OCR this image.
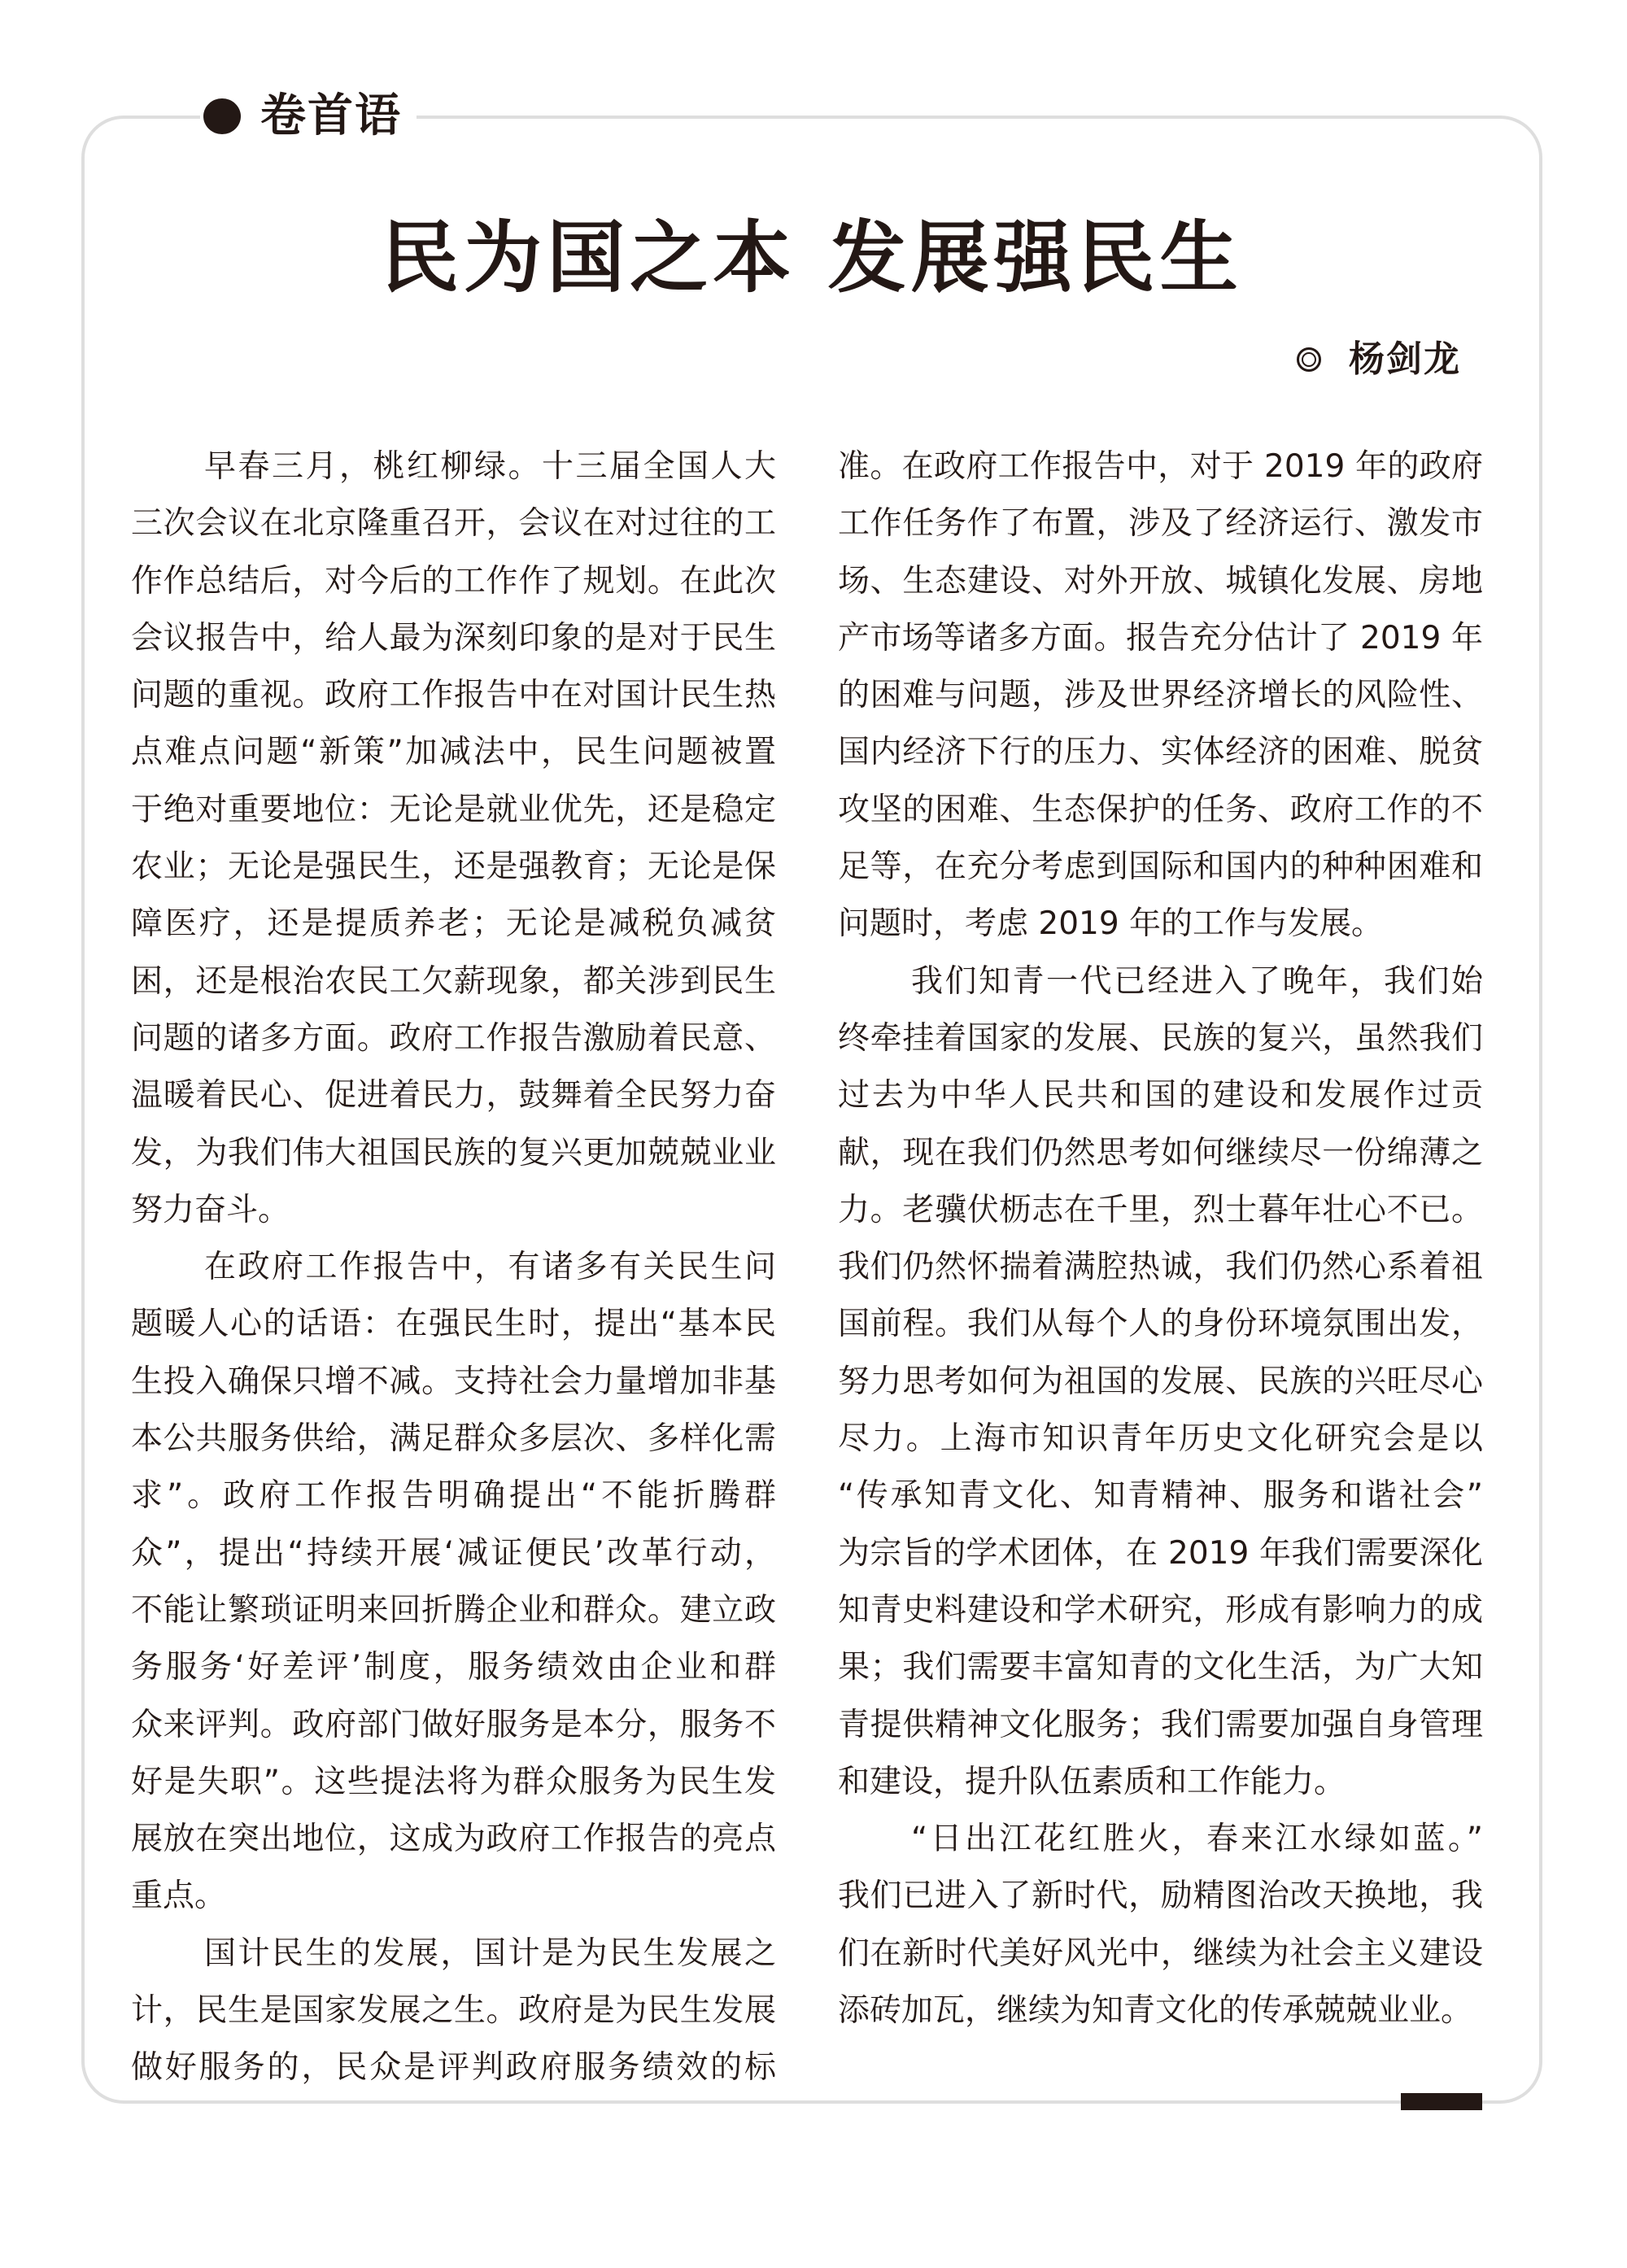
卷首语
民为国之本 发展强民生
杨剑龙
早春三月，桃红柳绿。十三届全国人大
三次会议在北京隆重召开，会议在对过往的工
作作总结后，对今后的工作作了规划。在此次
会议报告中，给人最为深刻印象的是对于民生
问题的重视。政府工作报告中在对国计民生热
点难点问题“新策”加减法中，民生问题被置
于绝对重要地位：无论是就业优先，还是稳定
农业；无论是强民生，还是强教育；无论是保
障医疗，还是提质养老；无论是减税负减贫
困，还是根治农民工欠薪现象，都关涉到民生
问题的诸多方面。政府工作报告激励着民意、
温暖着民心、促进着民力，鼓舞着全民努力奋
发，为我们伟大祖国民族的复兴更加兢兢业业
努力奋斗。
在政府工作报告中，有诸多有关民生问
题暖人心的话语：在强民生时，提出“基本民
生投入确保只增不减。支持社会力量增加非基
本公共服务供给，满足群众多层次、多样化需
求”。政府工作报告明确提出“不能折腾群
众”，提出“持续开展‘减证便民’改革行动，
不能让繁琐证明来回折腾企业和群众。建立政
务服务‘好差评’制度，服务绩效由企业和群
众来评判。政府部门做好服务是本分，服务不
好是失职”。这些提法将为群众服务为民生发
展放在突出地位，这成为政府工作报告的亮点
重点。
国计民生的发展，国计是为民生发展之
计，民生是国家发展之生。政府是为民生发展
做好服务的，民众是评判政府服务绩效的标
准。在政府工作报告中，对于 2019 年的政府
工作任务作了布置，涉及了经济运行、激发市
场、生态建设、对外开放、城镇化发展、房地
产市场等诸多方面。报告充分估计了 2019 年
的困难与问题，涉及世界经济增长的风险性、
国内经济下行的压力、实体经济的困难、脱贫
攻坚的困难、生态保护的任务、政府工作的不
足等，在充分考虑到国际和国内的种种困难和
问题时，考虑 2019 年的工作与发展。
我们知青一代已经进入了晚年，我们始
终牵挂着国家的发展、民族的复兴，虽然我们
过去为中华人民共和国的建设和发展作过贡
献，现在我们仍然思考如何继续尽一份绵薄之
力。老骥伏枥志在千里，烈士暮年壮心不已。
我们仍然怀揣着满腔热诚，我们仍然心系着祖
国前程。我们从每个人的身份环境氛围出发，
努力思考如何为祖国的发展、民族的兴旺尽心
尽力。上海市知识青年历史文化研究会是以
“传承知青文化、知青精神、服务和谐社会”
为宗旨的学术团体，在 2019 年我们需要深化
知青史料建设和学术研究，形成有影响力的成
果；我们需要丰富知青的文化生活，为广大知
青提供精神文化服务；我们需要加强自身管理
和建设，提升队伍素质和工作能力。
“日出江花红胜火，春来江水绿如蓝。”
我们已进入了新时代，励精图治改天换地，我
们在新时代美好风光中，继续为社会主义建设
添砖加瓦，继续为知青文化的传承兢兢业业。
